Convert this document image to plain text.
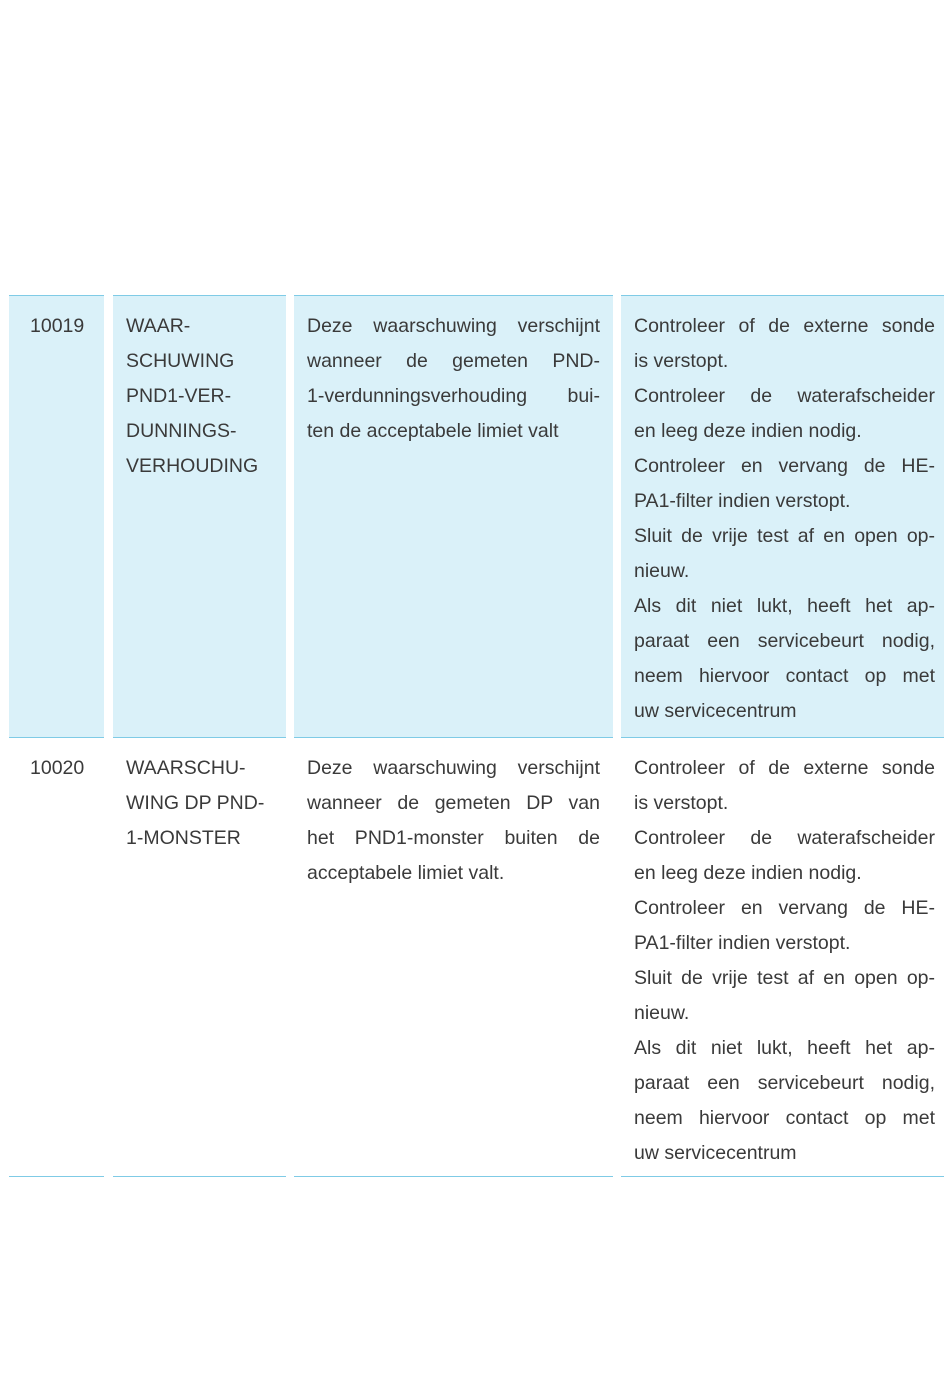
10019 WAAR-
SCHUWING
PND1-VER-
DUNNINGS-
VERHOUDING
Deze waarschuwing verschijnt
wanneer de gemeten PND-
1-verdunningsverhouding bui-
ten de acceptabele limiet valt

Controleer of de externe sonde
is verstopt.

Controleer de waterafscheider
en leeg deze indien nodig.

Controleer en vervang de HE-
PA1-filter indien verstopt.

Sluit de vrije test af en open op-
nieuw.

Als dit niet lukt, heeft het ap-
paraat een servicebeurt nodig,
neem hiervoor contact op met
uw servicecentrum

10020 WAARSCHU-
WING DP PND-
1-MONSTER
Deze waarschuwing verschijnt
wanneer de gemeten DP van
het PND1-monster buiten de
acceptabele limiet valt.

Controleer of de externe sonde
is verstopt.

Controleer de waterafscheider
en leeg deze indien nodig.

Controleer en vervang de HE-
PA1-filter indien verstopt.

Sluit de vrije test af en open op-
nieuw.

Als dit niet lukt, heeft het ap-
paraat een servicebeurt nodig,
neem hiervoor contact op met
uw servicecentrum
